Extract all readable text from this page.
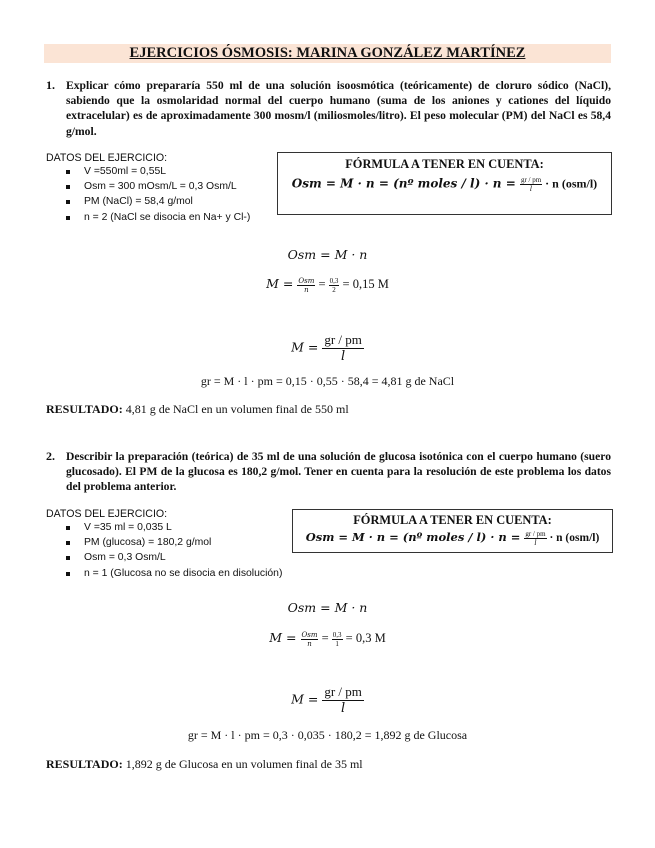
EJERCICIOS ÓSMOSIS: MARINA GONZÁLEZ MARTÍNEZ
1. Explicar cómo prepararía 550 ml de una solución isoosmótica (teóricamente) de cloruro sódico (NaCl), sabiendo que la osmolaridad normal del cuerpo humano (suma de los aniones y cationes del líquido extracelular) es de aproximadamente 300 mosm/l (miliosmoles/litro). El peso molecular (PM) del NaCl es 58,4 g/mol.
DATOS DEL EJERCICIO:
V =550ml = 0,55L
Osm = 300 mOsm/L = 0,3 Osm/L
PM (NaCl) = 58,4 g/mol
n = 2 (NaCl se disocia en Na+ y Cl-)
FÓRMULA A TENER EN CUENTA:
Osm = M · n = (nº moles / $l) \cdot n = \frac{gr / pm}{l} \cdot n$ (osm/l)
Osm = M · n
$M = \frac{\text{Osm}}{n} = \frac{0,3}{2} = 0,15$ M
$M = \frac{gr / pm}{l}$
gr = M · l · pm = 0,15 · 0,55 · 58,4 = 4,81 g de NaCl
RESULTADO: 4,81 g de NaCl en un volumen final de 550 ml
2. Describir la preparación (teórica) de 35 ml de una solución de glucosa isotónica con el cuerpo humano (suero glucosado). El PM de la glucosa es 180,2 g/mol. Tener en cuenta para la resolución de este problema los datos del problema anterior.
DATOS DEL EJERCICIO:
V =35 ml = 0,035 L
PM (glucosa) = 180,2 g/mol
Osm = 0,3 Osm/L
n = 1 (Glucosa no se disocia en disolución)
FÓRMULA A TENER EN CUENTA:
Osm = M · n = (nº moles / $l) \cdot n = \frac{gr / pm}{l} \cdot n$ (osm/l)
Osm = M · n
$M = \frac{\text{Osm}}{n} = \frac{0,3}{1} = 0,3$ M
$M = \frac{gr / pm}{l}$
gr = M · l · pm = 0,3 · 0,035 · 180,2 = 1,892 g de Glucosa
RESULTADO: 1,892 g de Glucosa en un volumen final de 35 ml
